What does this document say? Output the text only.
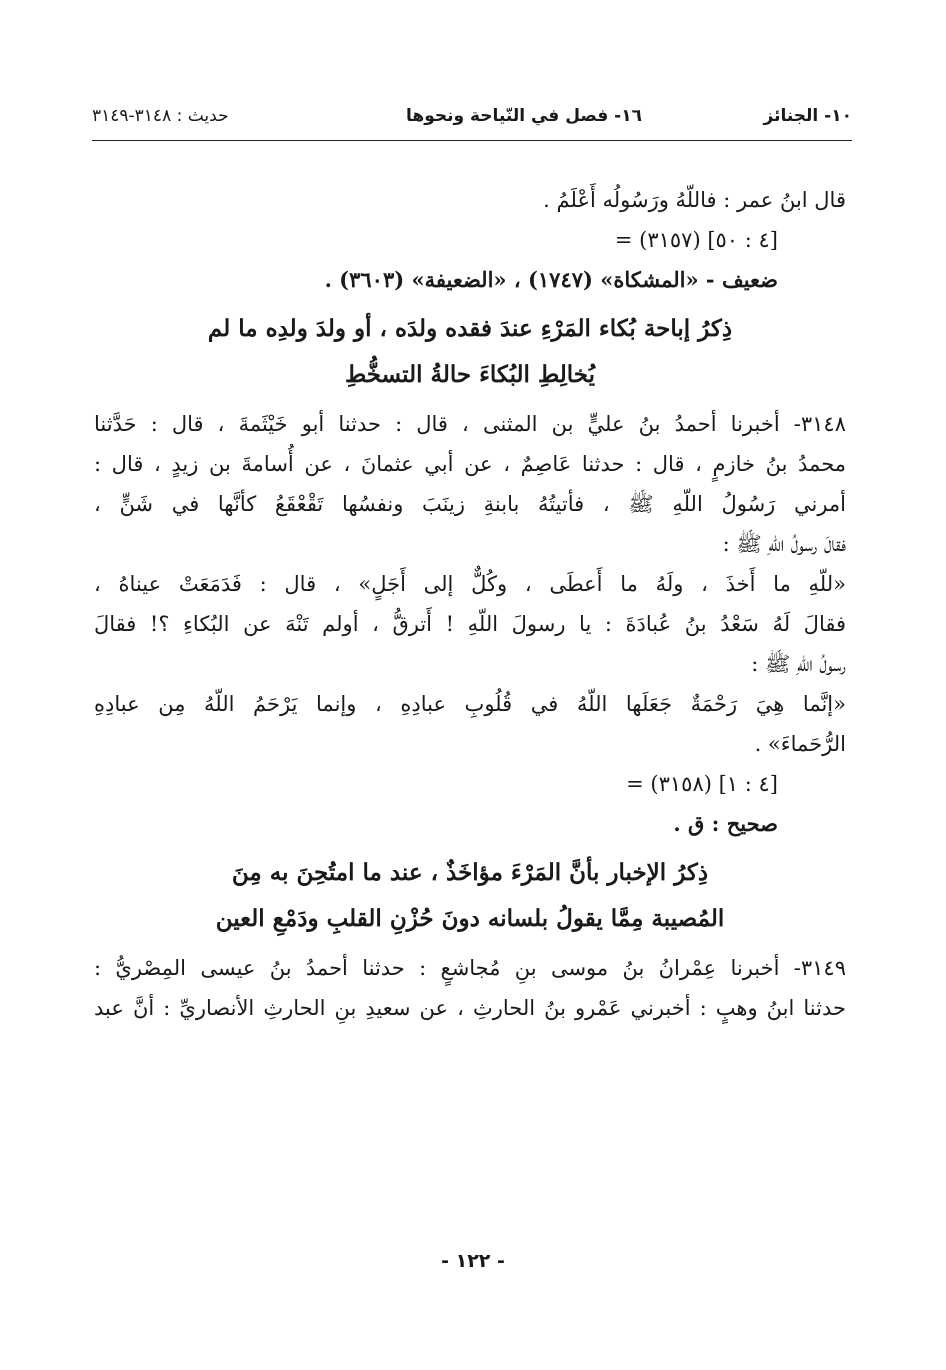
١٠- الجنائز
١٦- فصل في النّياحة ونحوها
حديث : ٣١٤٨-٣١٤٩
قال ابنُ عمر : فاللّهُ ورَسُولُه أَعْلَمُ .
= (٣١٥٧) [٤ : ٥٠]
ضعيف - «المشكاة» (١٧٤٧) ، «الضعيفة» (٣٦٠٣) .
ذِكرُ إباحة بُكاء المَرْءِ عندَ فقده ولدَه ، أو ولدَ ولدِه ما لم
يُخالِطِ البُكاءَ حالةُ التسخُّطِ
٣١٤٨- أخبرنا أحمدُ بنُ عليٍّ بن المثنى ، قال : حدثنا أبو خَيْثَمةَ ، قال : حَدَّثنا
محمدُ بنُ خازمٍ ، قال : حدثنا عَاصِمٌ ، عن أبي عثمانَ ، عن أُسامةَ بن زيدٍ ، قال :
أمرني رَسُولُ اللّهِ ﷺ ، فأتيتُهُ بابنةِ زينَبَ ونفسُها تَقْعْقَعُ كأنَّها في شَنٍّ ،
فقالَ رسولُ اللّهِ ﷺ :
«للّهِ ما أَخذَ ، ولَهُ ما أَعطَى ، وكُلٌّ إلى أَجَلٍ» ، قال : فَدَمَعَتْ عيناهُ ،
فقالَ لَهُ سَعْدُ بنُ عُبادَةَ : يا رسولَ اللّهِ ! أَترقُّ ، أولم تَنْهَ عن البُكاءِ ؟! فقالَ
رسولُ اللّهِ ﷺ :
«إنَّما هِيَ رَحْمَةٌ جَعَلَها اللّهُ في قُلُوبِ عبادِهِ ، وإنما يَرْحَمُ اللّهُ مِن عبادِهِ
الرُّحَماءَ» .
= (٣١٥٨) [٤ : ١]
صحيح : ق .
ذِكرُ الإخبار بأنَّ المَرْءَ مؤاخَذٌ ، عند ما امتُحِنَ به مِنَ
المُصيبة مِمَّا يقولُ بلسانه دونَ حُزْنِ القلبِ ودَمْعِ العين
٣١٤٩- أخبرنا عِمْرانُ بنُ موسى بنِ مُجاشعٍ : حدثنا أحمدُ بنُ عيسى المِصْريُّ :
حدثنا ابنُ وهبٍ : أخبرني عَمْرو بنُ الحارثِ ، عن سعيدِ بنِ الحارثِ الأنصاريِّ : أنَّ عبد
- ١٢٢ -
